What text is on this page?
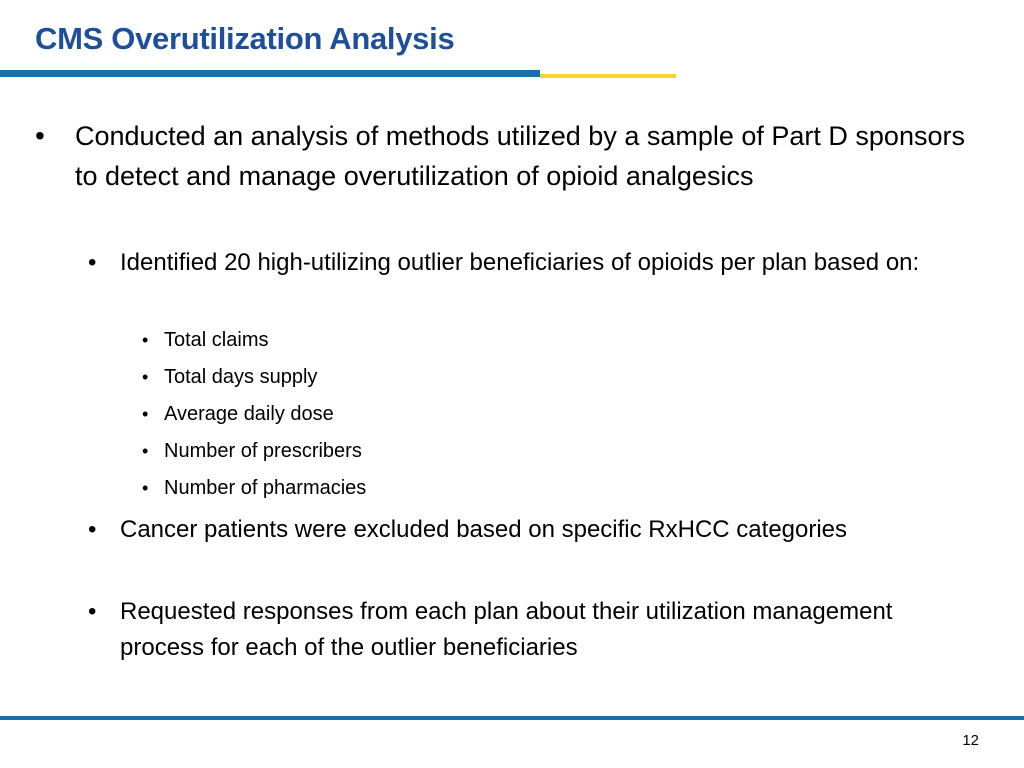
CMS Overutilization Analysis
•	Conducted an analysis of methods utilized by a sample of Part D sponsors to detect and manage overutilization of opioid analgesics
• Identified 20 high-utilizing outlier beneficiaries of opioids per plan based on:
• Total claims
• Total days supply
• Average daily dose
• Number of prescribers
• Number of pharmacies
• Cancer patients were excluded based on specific RxHCC categories
• Requested responses from each plan about their utilization management process for each of the outlier beneficiaries
12
